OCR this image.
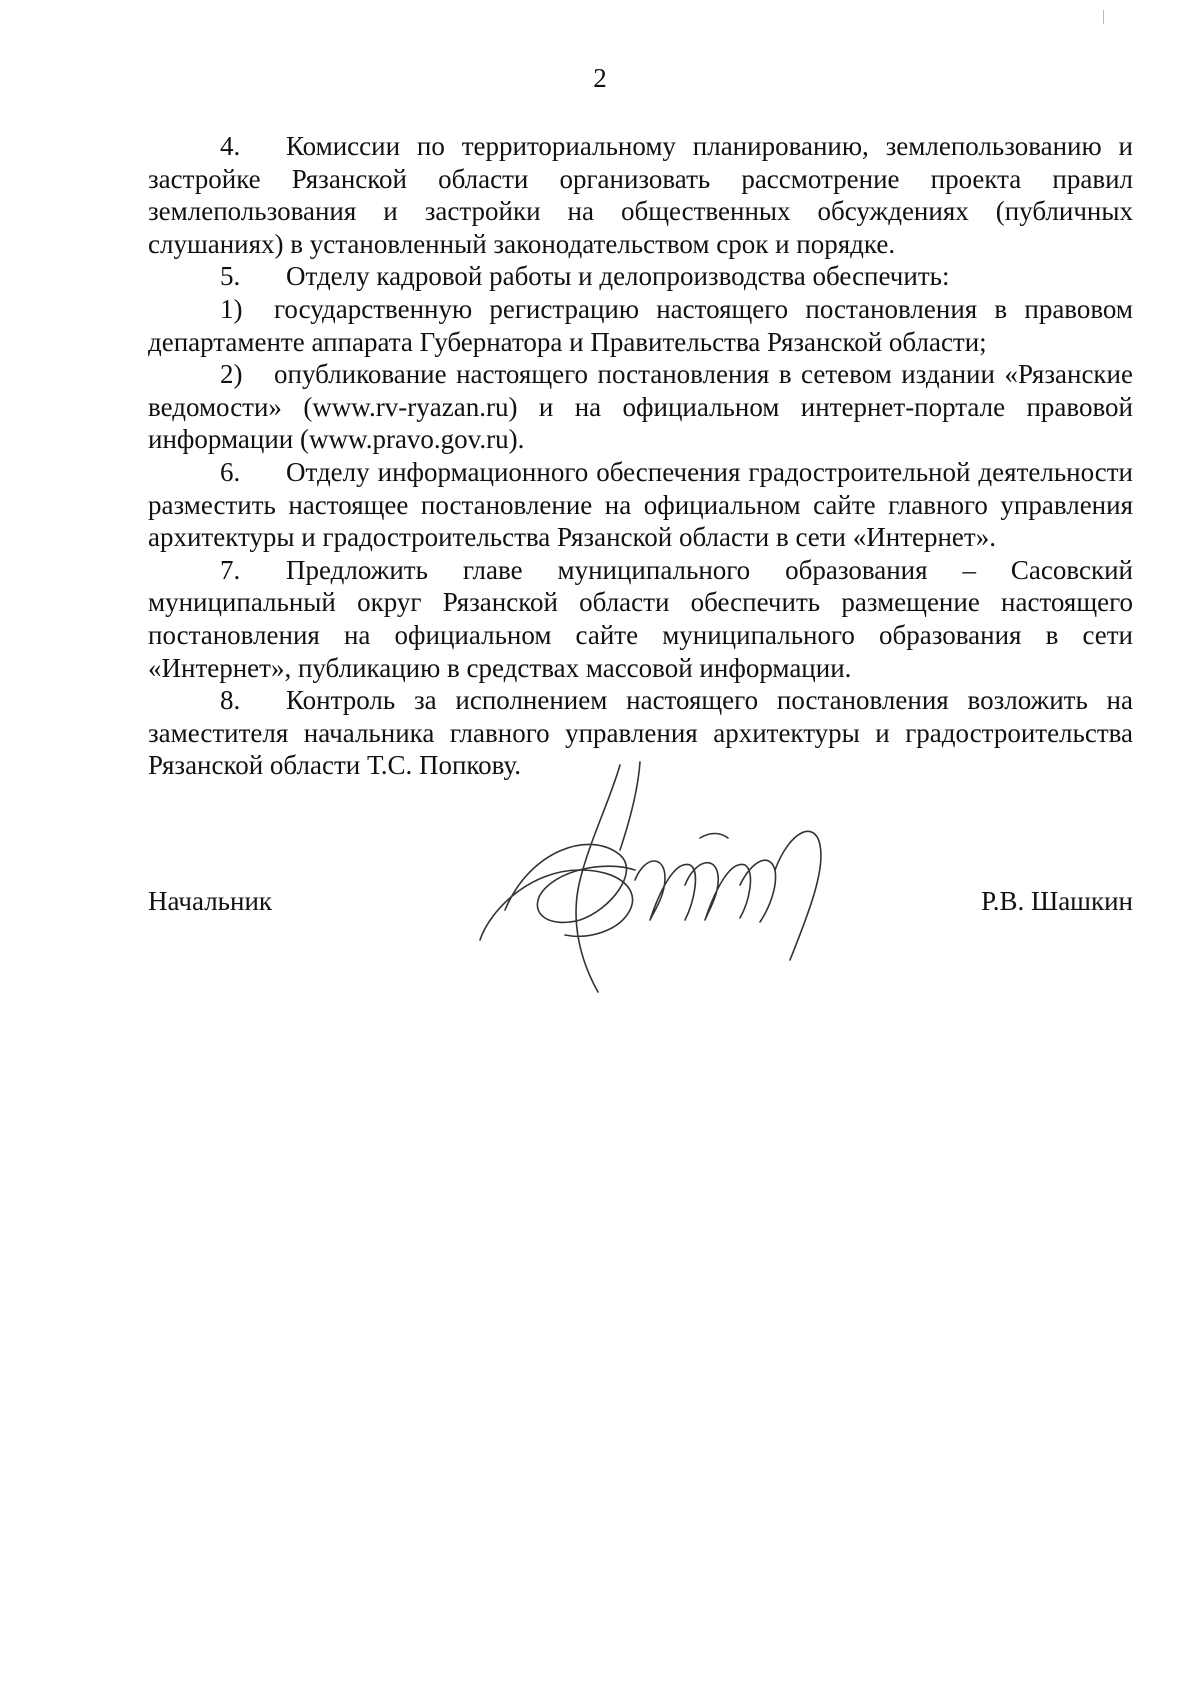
2

4. Комиссии по территориальному планированию, землепользованию и застройке Рязанской области организовать рассмотрение проекта правил землепользования и застройки на общественных обсуждениях (публичных слушаниях) в установленный законодательством срок и порядке.

5. Отделу кадровой работы и делопроизводства обеспечить:

1) государственную регистрацию настоящего постановления в правовом департаменте аппарата Губернатора и Правительства Рязанской области;

2) опубликование настоящего постановления в сетевом издании «Рязанские ведомости» (www.rv-ryazan.ru) и на официальном интернет-портале правовой информации (www.pravo.gov.ru).

6. Отделу информационного обеспечения градостроительной деятельности разместить настоящее постановление на официальном сайте главного управления архитектуры и градостроительства Рязанской области в сети «Интернет».

7. Предложить главе муниципального образования – Сасовский муниципальный округ Рязанской области обеспечить размещение настоящего постановления на официальном сайте муниципального образования в сети «Интернет», публикацию в средствах массовой информации.

8. Контроль за исполнением настоящего постановления возложить на заместителя начальника главного управления архитектуры и градостроительства Рязанской области Т.С. Попкову.

Начальник	Р.В. Шашкин
